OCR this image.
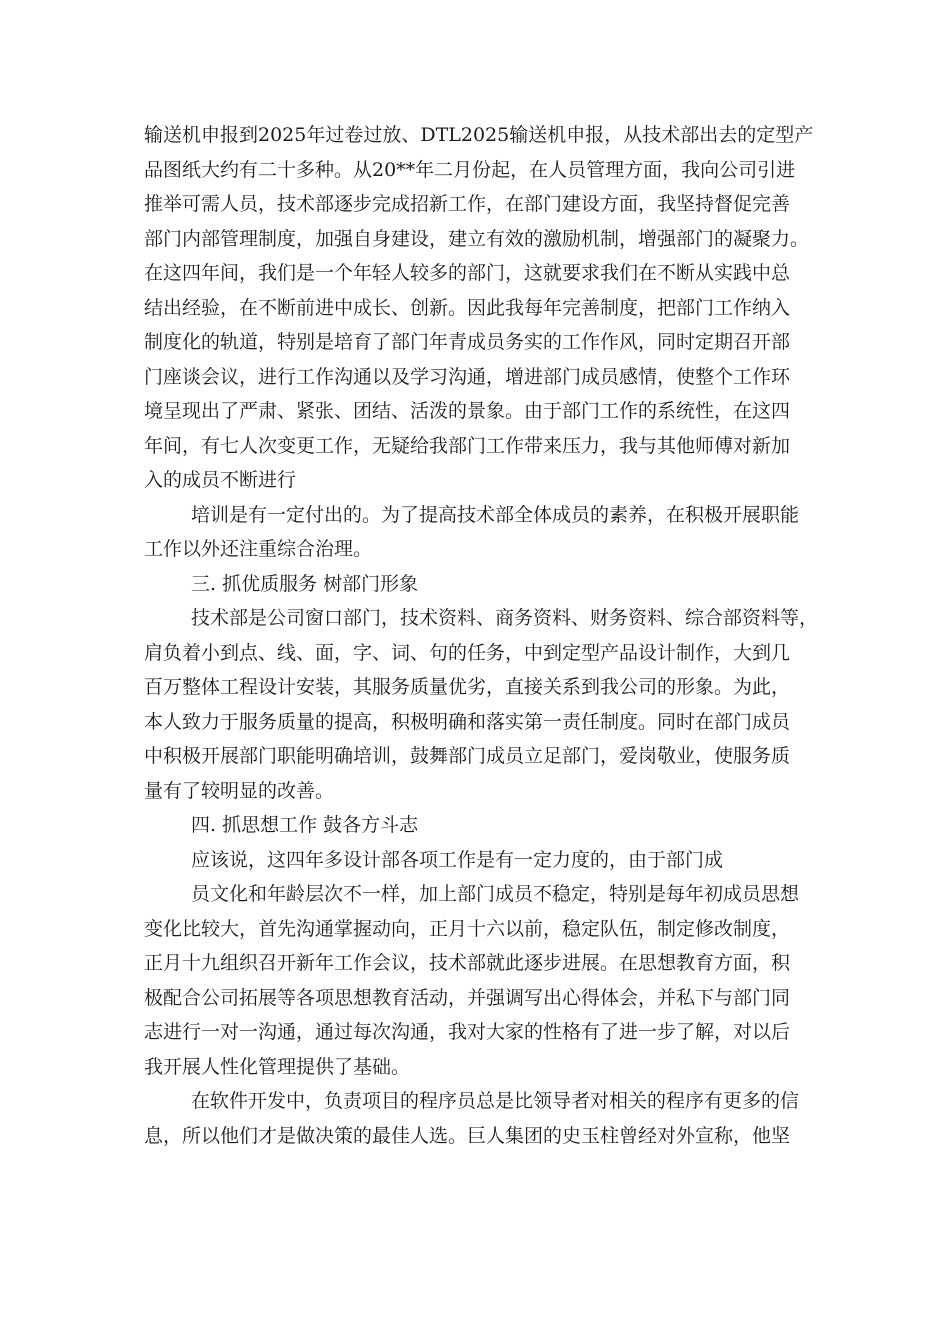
输送机申报到2025年过卷过放、DTL2025输送机申报，从技术部出去的定型产
品图纸大约有二十多种。从20**年二月份起，在人员管理方面，我向公司引进
推举可需人员，技术部逐步完成招新工作，在部门建设方面，我坚持督促完善
部门内部管理制度，加强自身建设，建立有效的激励机制，增强部门的凝聚力。
在这四年间，我们是一个年轻人较多的部门，这就要求我们在不断从实践中总
结出经验，在不断前进中成长、创新。因此我每年完善制度，把部门工作纳入
制度化的轨道，特别是培育了部门年青成员务实的工作作风，同时定期召开部
门座谈会议，进行工作沟通以及学习沟通，增进部门成员感情，使整个工作环
境呈现出了严肃、紧张、团结、活泼的景象。由于部门工作的系统性，在这四
年间，有七人次变更工作，无疑给我部门工作带来压力，我与其他师傅对新加
入的成员不断进行
培训是有一定付出的。为了提高技术部全体成员的素养，在积极开展职能
工作以外还注重综合治理。
三. 抓优质服务 树部门形象
技术部是公司窗口部门，技术资料、商务资料、财务资料、综合部资料等，
肩负着小到点、线、面，字、词、句的任务，中到定型产品设计制作，大到几
百万整体工程设计安装，其服务质量优劣，直接关系到我公司的形象。为此，
本人致力于服务质量的提高，积极明确和落实第一责任制度。同时在部门成员
中积极开展部门职能明确培训，鼓舞部门成员立足部门，爱岗敬业，使服务质
量有了较明显的改善。
四. 抓思想工作 鼓各方斗志
应该说，这四年多设计部各项工作是有一定力度的，由于部门成
员文化和年龄层次不一样，加上部门成员不稳定，特别是每年初成员思想
变化比较大，首先沟通掌握动向，正月十六以前，稳定队伍，制定修改制度，
正月十九组织召开新年工作会议，技术部就此逐步进展。在思想教育方面，积
极配合公司拓展等各项思想教育活动，并强调写出心得体会，并私下与部门同
志进行一对一沟通，通过每次沟通，我对大家的性格有了进一步了解，对以后
我开展人性化管理提供了基础。
在软件开发中，负责项目的程序员总是比领导者对相关的程序有更多的信
息，所以他们才是做决策的最佳人选。巨人集团的史玉柱曾经对外宣称，他坚
